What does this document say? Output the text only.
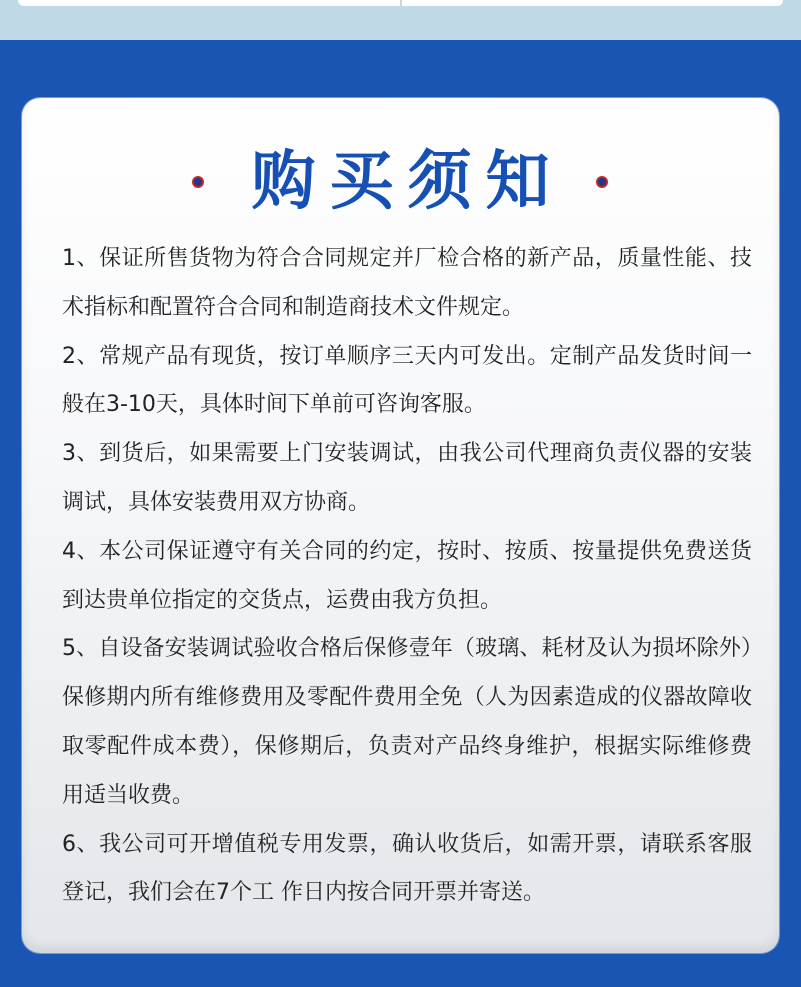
购买须知

1、保证所售货物为符合合同规定并厂检合格的新产品，质量性能、技术指标和配置符合合同和制造商技术文件规定。

2、常规产品有现货，按订单顺序三天内可发出。定制产品发货时间一般在3-10天，具体时间下单前可咨询客服。

3、到货后，如果需要上门安装调试，由我公司代理商负责仪器的安装调试，具体安装费用双方协商。

4、本公司保证遵守有关合同的约定，按时、按质、按量提供免费送货到达贵单位指定的交货点，运费由我方负担。

5、自设备安装调试验收合格后保修壹年（玻璃、耗材及认为损坏除外）保修期内所有维修费用及零配件费用全免（人为因素造成的仪器故障收取零配件成本费），保修期后，负责对产品终身维护，根据实际维修费用适当收费。

6、我公司可开增值税专用发票，确认收货后，如需开票，请联系客服登记，我们会在7个工 作日内按合同开票并寄送。
